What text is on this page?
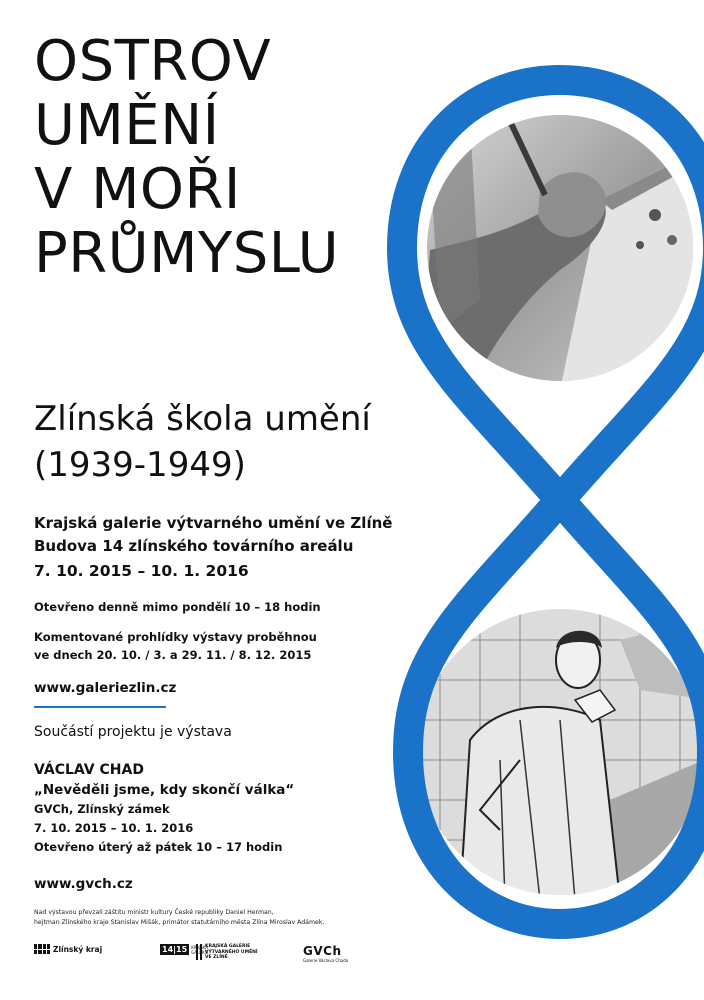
OSTROV
UMĚNÍ
V MOŘI
PRŮMYSLU
Zlínská škola umění
(1939-1949)
Krajská galerie výtvarného umění ve Zlíně
Budova 14 zlínského továrního areálu
7. 10. 2015 – 10. 1. 2016
Otevřeno denně mimo pondělí 10 – 18 hodin
Komentované prohlídky výstavy proběhnou
ve dnech 20. 10. / 3. a 29. 11. / 8. 12. 2015
www.galeriezlin.cz
Součástí projektu je výstava
VÁCLAV CHAD
„Nevěděli jsme, kdy skončí válka“
GVCh, Zlínský zámek
7. 10. 2015 – 10. 1. 2016
Otevřeno úterý až pátek 10 – 17 hodin
www.gvch.cz
Nad výstavou převzali záštitu ministr kultury České republiky Daniel Herman,
hejtman Zlínského kraje Stanislav Mišák, primátor statutárního města Zlína Miroslav Adámek.
Zlínský kraj	14|15	KRAJSKÁ GALERIE
KRAJSKÁ GALERIE VÝTVARNÉHO UMĚNÍ VE ZLÍNĚ	GVCh
Galerie Václava Chada
